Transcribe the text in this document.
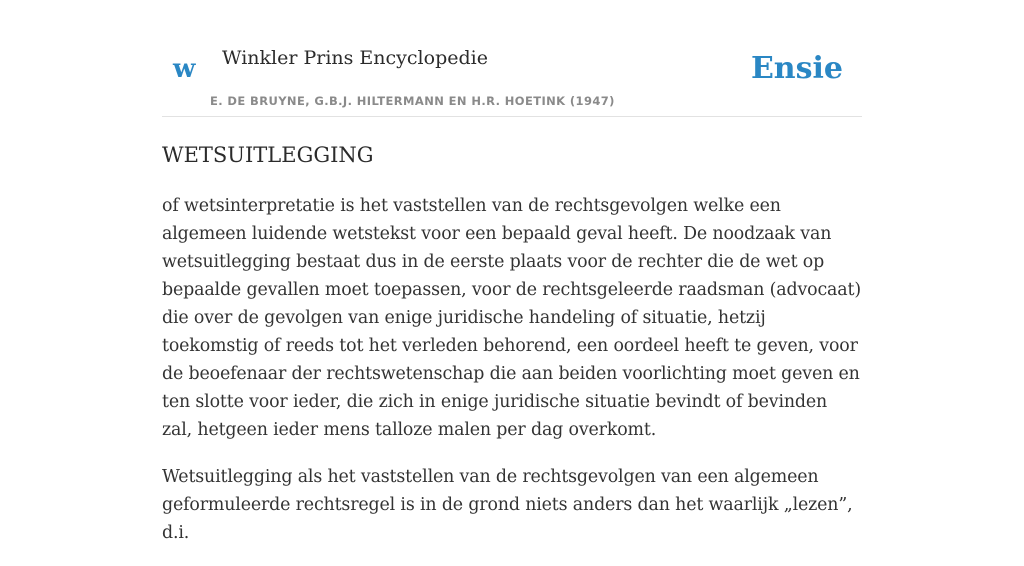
w Winkler Prins Encyclopedie
E. DE BRUYNE, G.B.J. HILTERMANN EN H.R. HOETINK (1947)
Ensie
WETSUITLEGGING

of wetsinterpretatie is het vaststellen van de rechtsgevolgen welke een algemeen luidende wetstekst voor een bepaald geval heeft. De noodzaak van wetsuitlegging bestaat dus in de eerste plaats voor de rechter die de wet op bepaalde gevallen moet toepassen, voor de rechtsgeleerde raadsman (advocaat) die over de gevolgen van enige juridische handeling of situatie, hetzij toekomstig of reeds tot het verleden behorend, een oordeel heeft te geven, voor de beoefenaar der rechtswetenschap die aan beiden voorlichting moet geven en ten slotte voor ieder, die zich in enige juridische situatie bevindt of bevinden zal, hetgeen ieder mens talloze malen per dag overkomt.

Wetsuitlegging als het vaststellen van de rechtsgevolgen van een algemeen geformuleerde rechtsregel is in de grond niets anders dan het waarlijk „lezen”, d.i.
